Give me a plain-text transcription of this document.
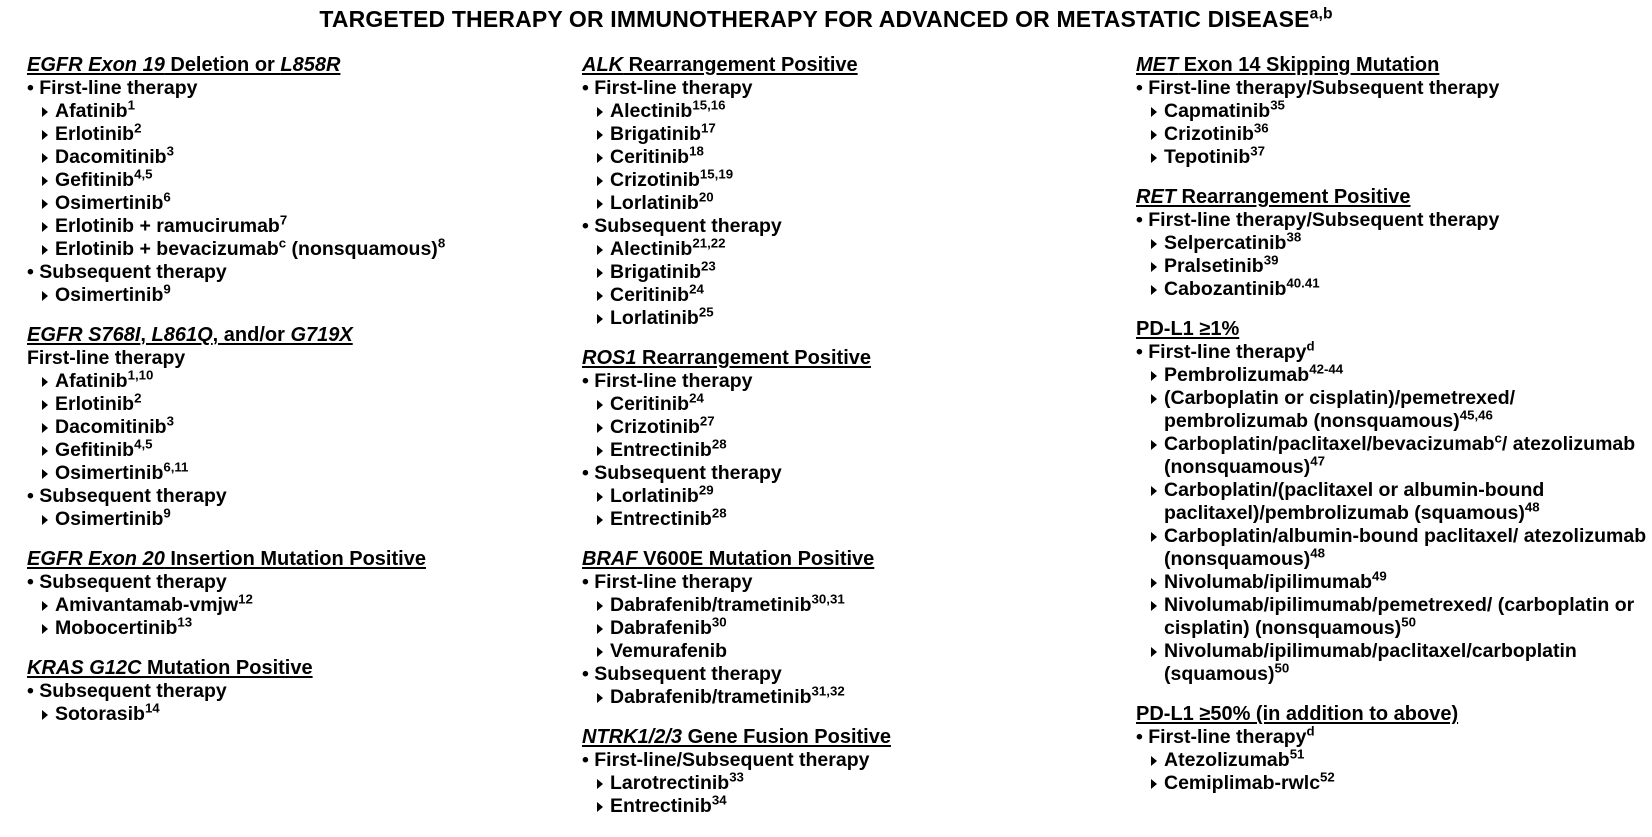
TARGETED THERAPY OR IMMUNOTHERAPY FOR ADVANCED OR METASTATIC DISEASE$^{a,b}$
EGFR Exon 19 Deletion or L858R
• First-line therapy
Afatinib$^1$
Erlotinib$^2$
Dacomitinib$^3$
Gefitinib$^{4,5}$
Osimertinib$^6$
Erlotinib + ramucirumab$^7$
Erlotinib + bevacizumab$^c$ (nonsquamous)$^8$
• Subsequent therapy
Osimertinib$^9$
EGFR S768I, L861Q, and/or G719X
First-line therapy
Afatinib$^{1,10}$
Erlotinib$^2$
Dacomitinib$^3$
Gefitinib$^{4,5}$
Osimertinib$^{6,11}$
• Subsequent therapy
Osimertinib$^9$
EGFR Exon 20 Insertion Mutation Positive
• Subsequent therapy
Amivantamab-vmjw$^{12}$
Mobocertinib$^{13}$
KRAS G12C Mutation Positive
• Subsequent therapy
Sotorasib$^{14}$
ALK Rearrangement Positive
• First-line therapy
Alectinib$^{15,16}$
Brigatinib$^{17}$
Ceritinib$^{18}$
Crizotinib$^{15,19}$
Lorlatinib$^{20}$
• Subsequent therapy
Alectinib$^{21,22}$
Brigatinib$^{23}$
Ceritinib$^{24}$
Lorlatinib$^{25}$
ROS1 Rearrangement Positive
• First-line therapy
Ceritinib$^{24}$
Crizotinib$^{27}$
Entrectinib$^{28}$
• Subsequent therapy
Lorlatinib$^{29}$
Entrectinib$^{28}$
BRAF V600E Mutation Positive
• First-line therapy
Dabrafenib/trametinib$^{30,31}$
Dabrafenib$^{30}$
Vemurafenib
• Subsequent therapy
Dabrafenib/trametinib$^{31,32}$
NTRK1/2/3 Gene Fusion Positive
• First-line/Subsequent therapy
Larotrectinib$^{33}$
Entrectinib$^{34}$
MET Exon 14 Skipping Mutation
• First-line therapy/Subsequent therapy
Capmatinib$^{35}$
Crizotinib$^{36}$
Tepotinib$^{37}$
RET Rearrangement Positive
• First-line therapy/Subsequent therapy
Selpercatinib$^{38}$
Pralsetinib$^{39}$
Cabozantinib$^{40.41}$
PD-L1 ≥1%
• First-line therapy$^d$
Pembrolizumab$^{42-44}$
(Carboplatin or cisplatin)/pemetrexed/ pembrolizumab (nonsquamous)$^{45,46}$
Carboplatin/paclitaxel/bevacizumab$^c$/ atezolizumab (nonsquamous)$^{47}$
Carboplatin/(paclitaxel or albumin-bound paclitaxel)/pembrolizumab (squamous)$^{48}$
Carboplatin/albumin-bound paclitaxel/ atezolizumab (nonsquamous)$^{48}$
Nivolumab/ipilimumab$^{49}$
Nivolumab/ipilimumab/pemetrexed/ (carboplatin or cisplatin) (nonsquamous)$^{50}$
Nivolumab/ipilimumab/paclitaxel/carboplatin (squamous)$^{50}$
PD-L1 ≥50% (in addition to above)
• First-line therapy$^d$
Atezolizumab$^{51}$
Cemiplimab-rwlc$^{52}$
